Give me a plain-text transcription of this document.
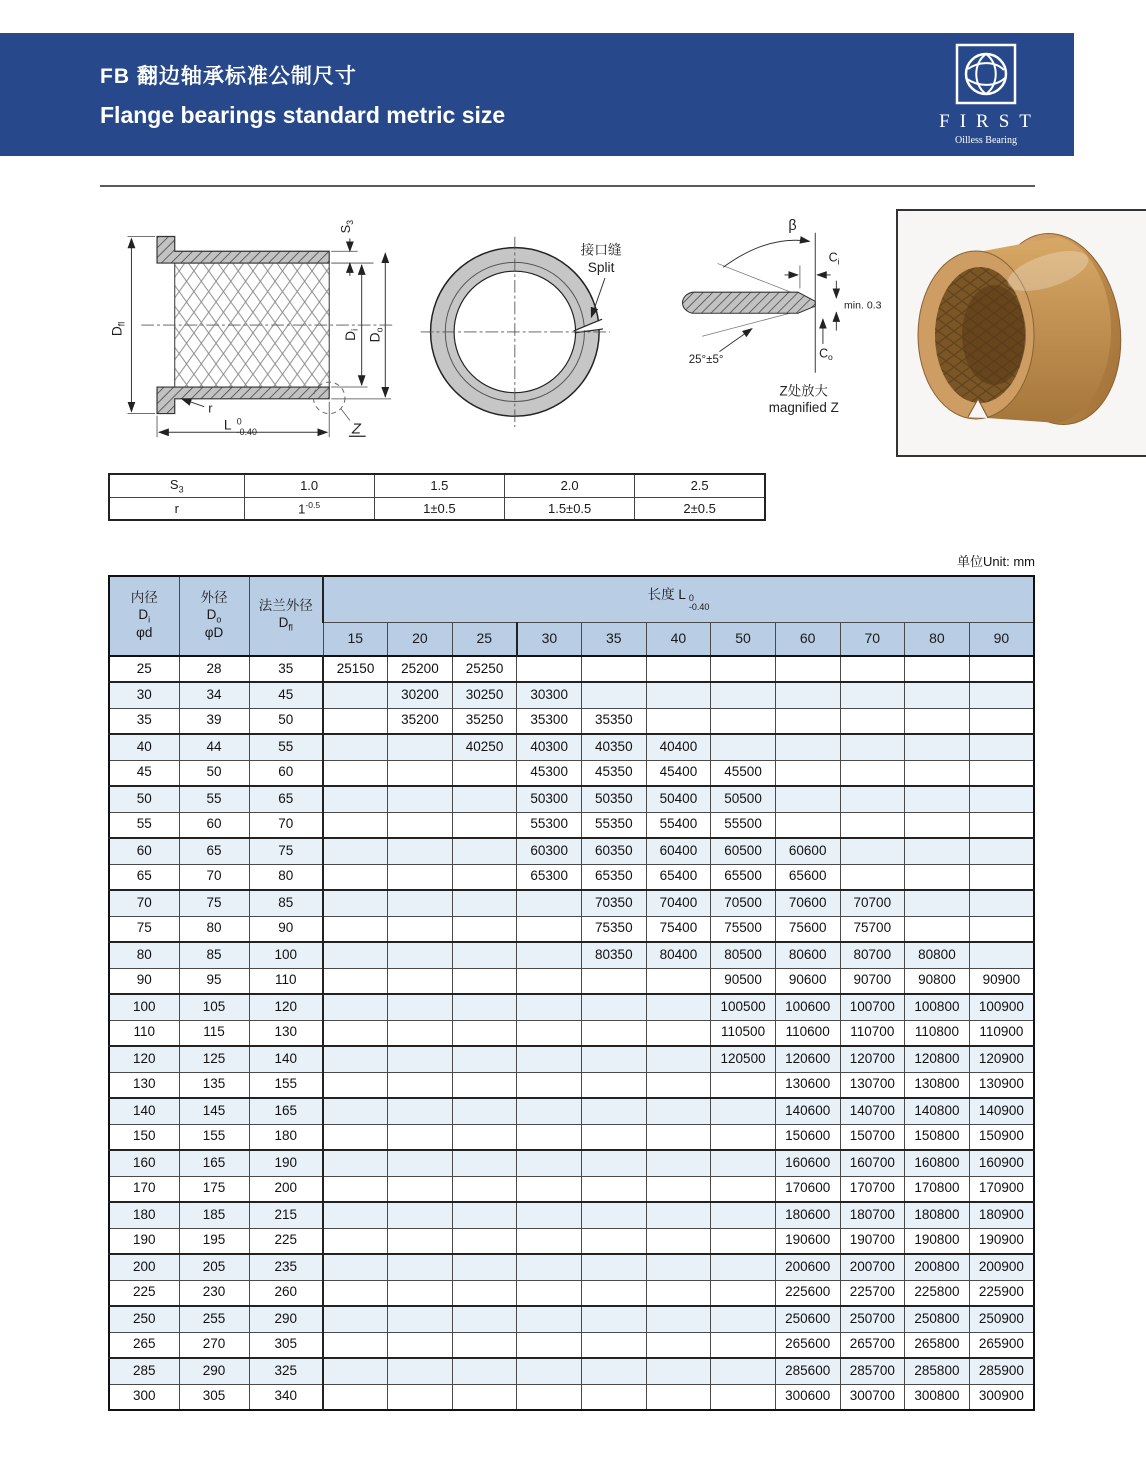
FB 翻边轴承标准公制尺寸
Flange bearings standard metric size	FIRST
Oilless Bearing
$D_{fl}$
$S_3$
$D_i$
$D_o$
r
L 0
-0.40	Z
接口缝
Split
β
$C_i$
min. 0.3
$C_o$
25°±5°
Z处放大
magnified Z
$S_3$	1.0	1.5	2.0	2.5
r	$1^{-0.5}$	1±0.5	1.5±0.5	2±0.5
单位Unit: mm
内径
$D_i$
φd	外径
$D_o$
φD	法兰外径
$D_{fl}$	长度 L 0
-0.40										

			15	20	25	30	35	40	50	60	70	80	90
25	28	35	25150	25200	25250								
30	34	45		30200	30250	30300							
35	39	50		35200	35250	35300	35350						
40	44	55			40250	40300	40350	40400					
45	50	60				45300	45350	45400	45500				
50	55	65				50300	50350	50400	50500				
55	60	70				55300	55350	55400	55500				
60	65	75				60300	60350	60400	60500	60600			
65	70	80				65300	65350	65400	65500	65600			
70	75	85					70350	70400	70500	70600	70700		
75	80	90					75350	75400	75500	75600	75700		
80	85	100					80350	80400	80500	80600	80700	80800	
90	95	110							90500	90600	90700	90800	90900
100	105	120							100500	100600	100700	100800	100900
110	115	130							110500	110600	110700	110800	110900
120	125	140							120500	120600	120700	120800	120900
130	135	155								130600	130700	130800	130900
140	145	165								140600	140700	140800	140900
150	155	180								150600	150700	150800	150900
160	165	190								160600	160700	160800	160900
170	175	200								170600	170700	170800	170900
180	185	215								180600	180700	180800	180900
190	195	225								190600	190700	190800	190900
200	205	235								200600	200700	200800	200900
225	230	260								225600	225700	225800	225900
250	255	290								250600	250700	250800	250900
265	270	305								265600	265700	265800	265900
285	290	325								285600	285700	285800	285900
300	305	340								300600	300700	300800	300900
